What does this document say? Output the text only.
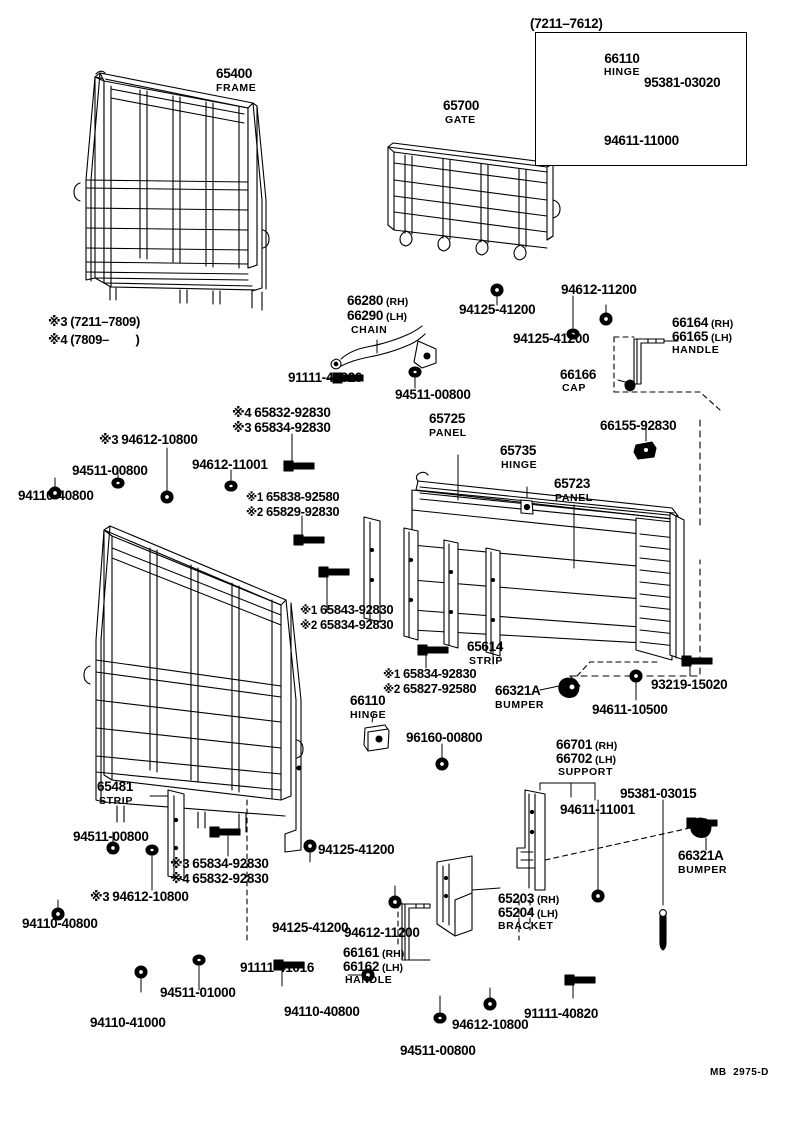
(7211–7612)
66110
HINGE
95381-03020
94611-11000
※3 (7211–7809)
※4 (7809–        )
65400
FRAME
65700
GATE
66280 (RH)
66290 (LH)
CHAIN
91111-40820
94511-00800
94125-41200
94125-41200
94612-11200
66164 (RH)
66165 (LH)
HANDLE
66166
CAP
66155-92830
※4 65832-92830
※3 65834-92830
※3 94612-10800
94511-00800
94110-40800
94612-11001
※1 65838-92580
※2 65829-92830
※1 65843-92830
※2 65834-92830
65725
PANEL
65735
HINGE
65723
PANEL
65614
STRIP
※1 65834-92830
※2 65827-92580
66110
HINGE
96160-00800
66321A
BUMPER
93219-15020
94611-10500
66701 (RH)
66702 (LH)
SUPPORT
95381-03015
94611-11001
66321A
BUMPER
65203 (RH)
65204 (LH)
BRACKET
65481
STRIP
94511-00800
※3 65834-92830
※4 65832-92830
※3 94612-10800
94110-40800
94125-41200
94125-41200
91111-41016
94612-11200
66161 (RH)
66162 (LH)
HANDLE
94511-01000
94110-41000
94110-40800
94511-00800
94612-10800
91111-40820
MB  2975-D
